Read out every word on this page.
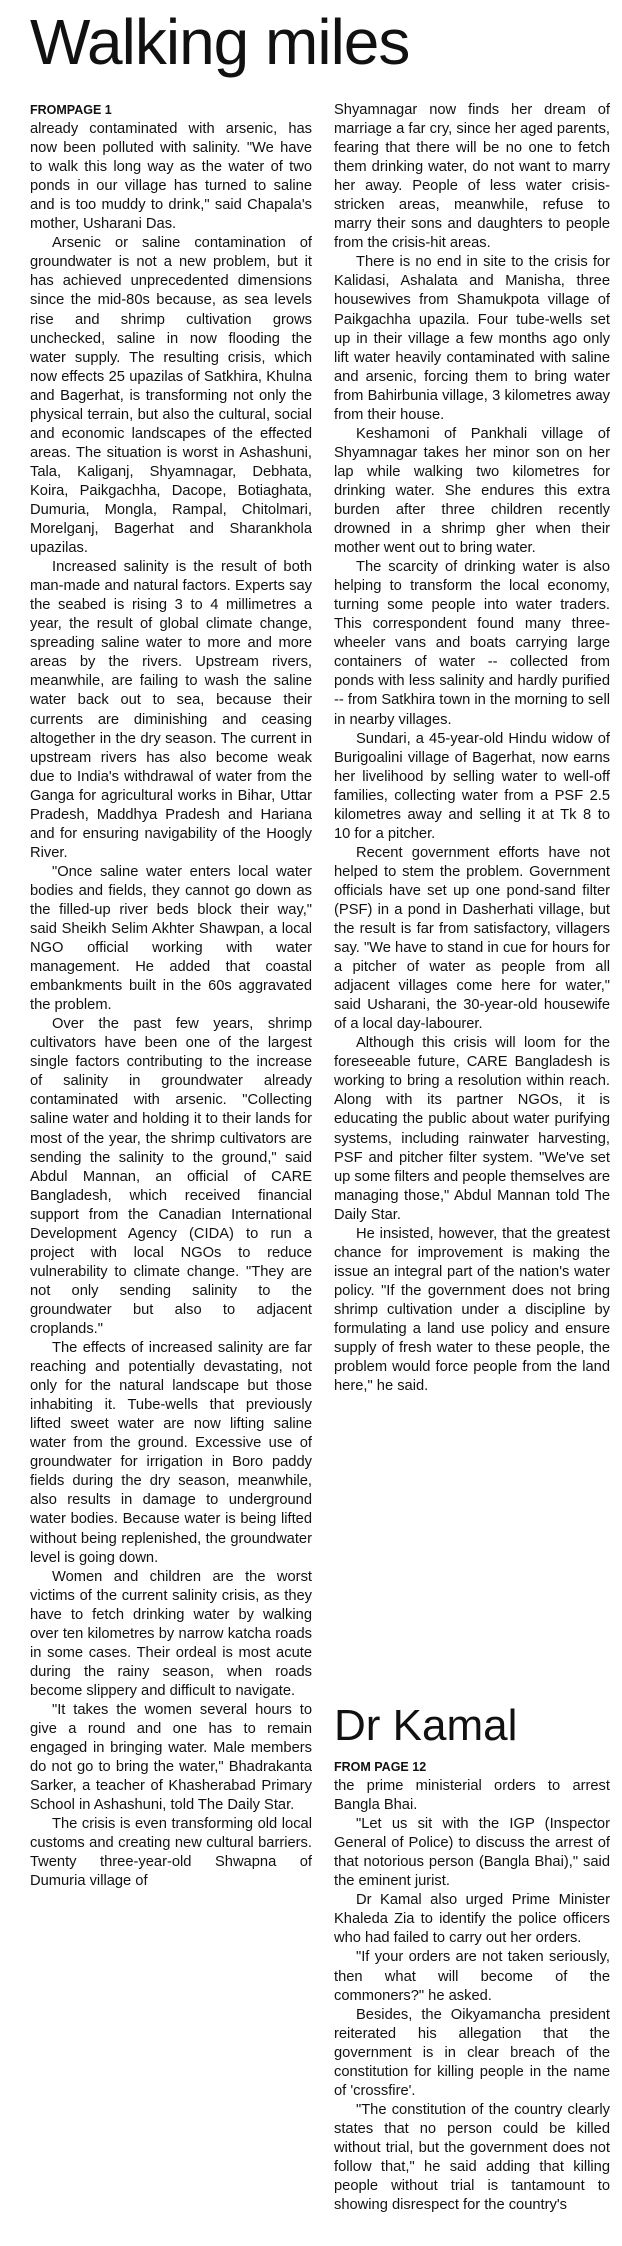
Walking miles
FROMPAGE 1

already contaminated with arsenic, has now been polluted with salinity. "We have to walk this long way as the water of two ponds in our village has turned to saline and is too muddy to drink," said Chapala's mother, Usharani Das.

Arsenic or saline contamination of groundwater is not a new problem, but it has achieved unprecedented dimensions since the mid-80s because, as sea levels rise and shrimp cultivation grows unchecked, saline in now flooding the water supply. The resulting crisis, which now effects 25 upazilas of Satkhira, Khulna and Bagerhat, is transforming not only the physical terrain, but also the cultural, social and economic landscapes of the effected areas. The situation is worst in Ashashuni, Tala, Kaliganj, Shyamnagar, Debhata, Koira, Paikgachha, Dacope, Botiaghata, Dumuria, Mongla, Rampal, Chitolmari, Morelganj, Bagerhat and Sharankhola upazilas.

Increased salinity is the result of both man-made and natural factors. Experts say the seabed is rising 3 to 4 millimetres a year, the result of global climate change, spreading saline water to more and more areas by the rivers. Upstream rivers, meanwhile, are failing to wash the saline water back out to sea, because their currents are diminishing and ceasing altogether in the dry season. The current in upstream rivers has also become weak due to India's withdrawal of water from the Ganga for agricultural works in Bihar, Uttar Pradesh, Maddhya Pradesh and Hariana and for ensuring navigability of the Hoogly River.

"Once saline water enters local water bodies and fields, they cannot go down as the filled-up river beds block their way," said Sheikh Selim Akhter Shawpan, a local NGO official working with water management. He added that coastal embankments built in the 60s aggravated the problem.

Over the past few years, shrimp cultivators have been one of the largest single factors contributing to the increase of salinity in groundwater already contaminated with arsenic. "Collecting saline water and holding it to their lands for most of the year, the shrimp cultivators are sending the salinity to the ground," said Abdul Mannan, an official of CARE Bangladesh, which received financial support from the Canadian International Development Agency (CIDA) to run a project with local NGOs to reduce vulnerability to climate change. "They are not only sending salinity to the groundwater but also to adjacent croplands."

The effects of increased salinity are far reaching and potentially devastating, not only for the natural landscape but those inhabiting it. Tube-wells that previously lifted sweet water are now lifting saline water from the ground. Excessive use of groundwater for irrigation in Boro paddy fields during the dry season, meanwhile, also results in damage to underground water bodies. Because water is being lifted without being replenished, the groundwater level is going down.

Women and children are the worst victims of the current salinity crisis, as they have to fetch drinking water by walking over ten kilometres by narrow katcha roads in some cases. Their ordeal is most acute during the rainy season, when roads become slippery and difficult to navigate.

"It takes the women several hours to give a round and one has to remain engaged in bringing water. Male members do not go to bring the water," Bhadrakanta Sarker, a teacher of Khasherabad Primary School in Ashashuni, told The Daily Star.

The crisis is even transforming old local customs and creating new cultural barriers. Twenty three-year-old Shwapna of Dumuria village of

Shyamnagar now finds her dream of marriage a far cry, since her aged parents, fearing that there will be no one to fetch them drinking water, do not want to marry her away. People of less water crisis-stricken areas, meanwhile, refuse to marry their sons and daughters to people from the crisis-hit areas.

There is no end in site to the crisis for Kalidasi, Ashalata and Manisha, three housewives from Shamukpota village of Paikgachha upazila. Four tube-wells set up in their village a few months ago only lift water heavily contaminated with saline and arsenic, forcing them to bring water from Bahirbunia village, 3 kilometres away from their house.

Keshamoni of Pankhali village of Shyamnagar takes her minor son on her lap while walking two kilometres for drinking water. She endures this extra burden after three children recently drowned in a shrimp gher when their mother went out to bring water.

The scarcity of drinking water is also helping to transform the local economy, turning some people into water traders. This correspondent found many three-wheeler vans and boats carrying large containers of water -- collected from ponds with less salinity and hardly purified -- from Satkhira town in the morning to sell in nearby villages.

Sundari, a 45-year-old Hindu widow of Burigoalini village of Bagerhat, now earns her livelihood by selling water to well-off families, collecting water from a PSF 2.5 kilometres away and selling it at Tk 8 to 10 for a pitcher.

Recent government efforts have not helped to stem the problem. Government officials have set up one pond-sand filter (PSF) in a pond in Dasherhati village, but the result is far from satisfactory, villagers say. "We have to stand in cue for hours for a pitcher of water as people from all adjacent villages come here for water," said Usharani, the 30-year-old housewife of a local day-labourer.

Although this crisis will loom for the foreseeable future, CARE Bangladesh is working to bring a resolution within reach. Along with its partner NGOs, it is educating the public about water purifying systems, including rainwater harvesting, PSF and pitcher filter system. "We've set up some filters and people themselves are managing those," Abdul Mannan told The Daily Star.

He insisted, however, that the greatest chance for improvement is making the issue an integral part of the nation's water policy. "If the government does not bring shrimp cultivation under a discipline by formulating a land use policy and ensure supply of fresh water to these people, the problem would force people from the land here," he said.

Dr Kamal
FROM PAGE 12

the prime ministerial orders to arrest Bangla Bhai.

"Let us sit with the IGP (Inspector General of Police) to discuss the arrest of that notorious person (Bangla Bhai)," said the eminent jurist.

Dr Kamal also urged Prime Minister Khaleda Zia to identify the police officers who had failed to carry out her orders.

"If your orders are not taken seriously, then what will become of the commoners?" he asked.

Besides, the Oikyamancha president reiterated his allegation that the government is in clear breach of the constitution for killing people in the name of 'crossfire'.

"The constitution of the country clearly states that no person could be killed without trial, but the government does not follow that," he said adding that killing people without trial is tantamount to showing disrespect for the country's
